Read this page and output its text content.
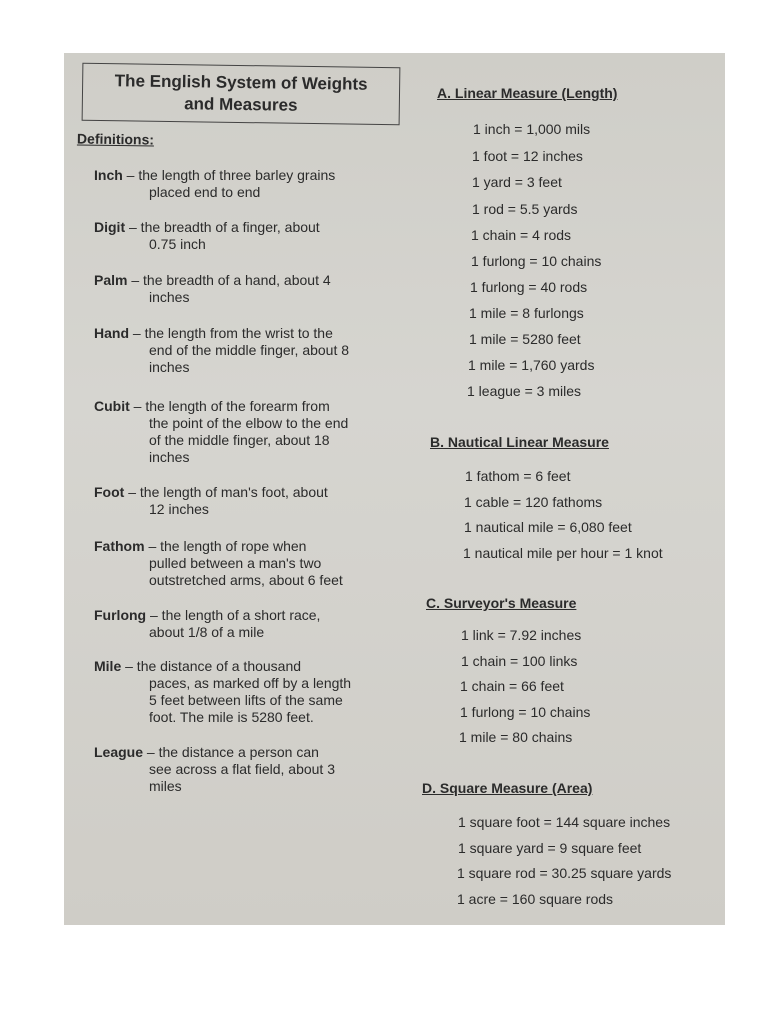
The English System of Weights
and Measures
Definitions:
Inch – the length of three barley grains
placed end to end
Digit – the breadth of a finger, about
0.75 inch
Palm – the breadth of a hand, about 4
inches
Hand – the length from the wrist to the
end of the middle finger, about 8
inches
Cubit – the length of the forearm from
the point of the elbow to the end
of the middle finger, about 18
inches
Foot – the length of man's foot, about
12 inches
Fathom – the length of rope when
pulled between a man's two
outstretched arms, about 6 feet
Furlong – the length of a short race,
about 1/8 of a mile
Mile – the distance of a thousand
paces, as marked off by a length
5 feet between lifts of the same
foot. The mile is 5280 feet.
League – the distance a person can
see across a flat field, about 3
miles
A. Linear Measure (Length)
1 inch = 1,000 mils
1 foot = 12 inches
1 yard = 3 feet
1 rod = 5.5 yards
1 chain = 4 rods
1 furlong = 10 chains
1 furlong = 40 rods
1 mile = 8 furlongs
1 mile = 5280 feet
1 mile = 1,760 yards
1 league = 3 miles
B. Nautical Linear Measure
1 fathom = 6 feet
1 cable = 120 fathoms
1 nautical mile = 6,080 feet
1 nautical mile per hour = 1 knot
C. Surveyor's Measure
1 link = 7.92 inches
1 chain = 100 links
1 chain = 66 feet
1 furlong = 10 chains
1 mile = 80 chains
D. Square Measure (Area)
1 square foot = 144 square inches
1 square yard = 9 square feet
1 square rod = 30.25 square yards
1 acre = 160 square rods
